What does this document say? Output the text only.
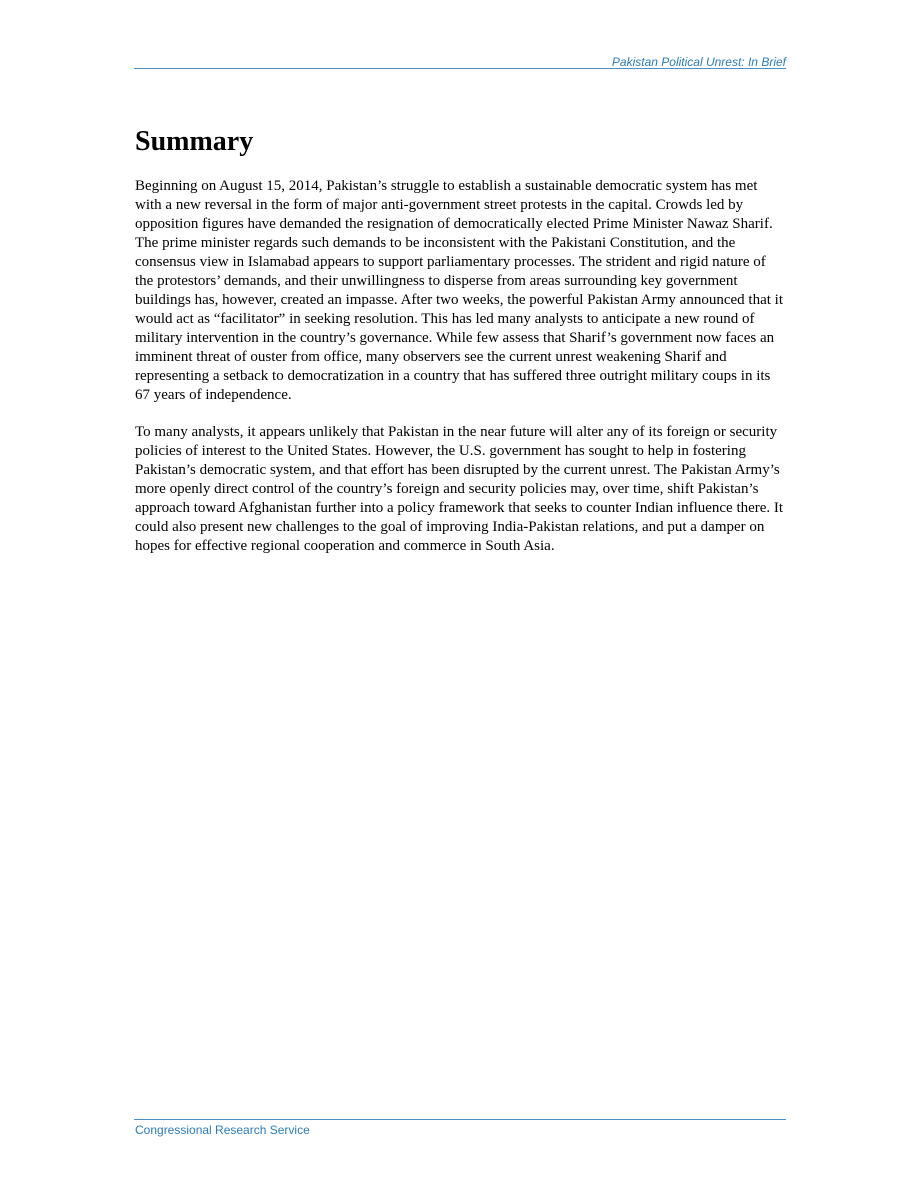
Pakistan Political Unrest: In Brief
Summary

Beginning on August 15, 2014, Pakistan’s struggle to establish a sustainable democratic system has met with a new reversal in the form of major anti-government street protests in the capital. Crowds led by opposition figures have demanded the resignation of democratically elected Prime Minister Nawaz Sharif. The prime minister regards such demands to be inconsistent with the Pakistani Constitution, and the consensus view in Islamabad appears to support parliamentary processes. The strident and rigid nature of the protestors’ demands, and their unwillingness to disperse from areas surrounding key government buildings has, however, created an impasse. After two weeks, the powerful Pakistan Army announced that it would act as “facilitator” in seeking resolution. This has led many analysts to anticipate a new round of military intervention in the country’s governance. While few assess that Sharif’s government now faces an imminent threat of ouster from office, many observers see the current unrest weakening Sharif and representing a setback to democratization in a country that has suffered three outright military coups in its 67 years of independence.

To many analysts, it appears unlikely that Pakistan in the near future will alter any of its foreign or security policies of interest to the United States. However, the U.S. government has sought to help in fostering Pakistan’s democratic system, and that effort has been disrupted by the current unrest. The Pakistan Army’s more openly direct control of the country’s foreign and security policies may, over time, shift Pakistan’s approach toward Afghanistan further into a policy framework that seeks to counter Indian influence there. It could also present new challenges to the goal of improving India-Pakistan relations, and put a damper on hopes for effective regional cooperation and commerce in South Asia.

Congressional Research Service
